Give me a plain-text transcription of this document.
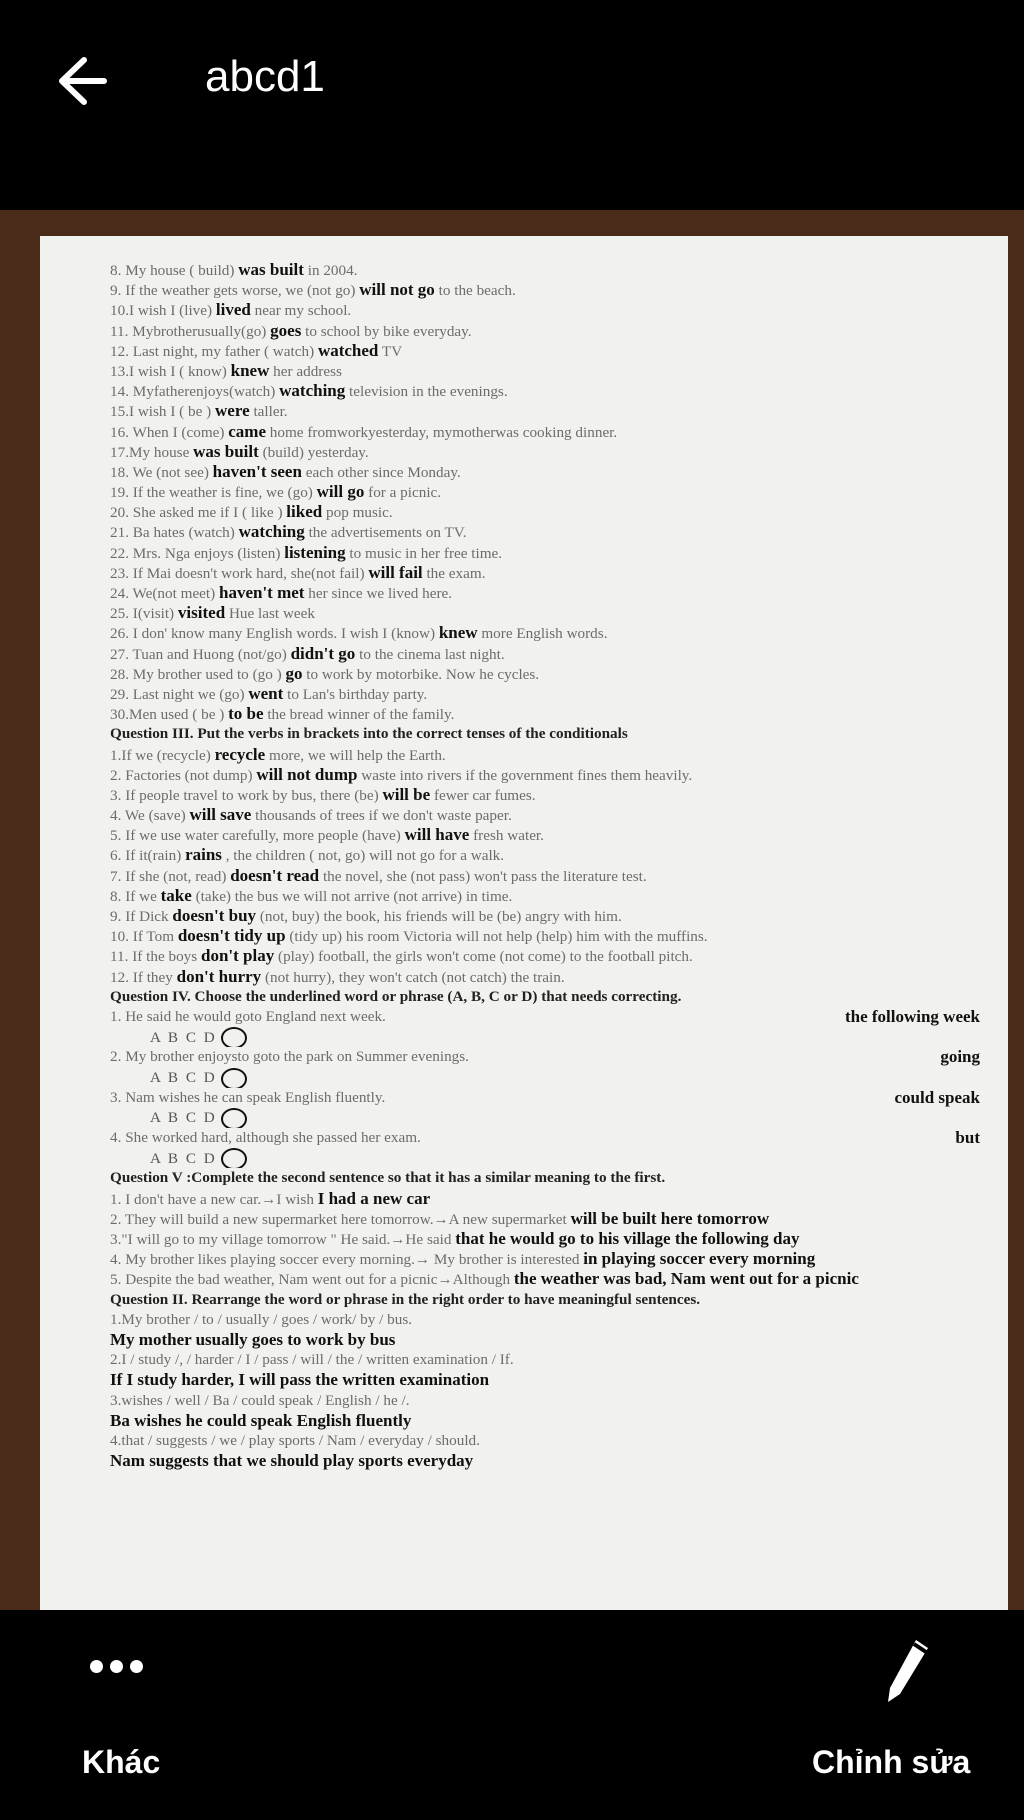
abcd1
8. My house ( build) was built in 2004.
9. If the weather gets worse, we (not go) will not go to the beach.
10.I wish I (live) lived near my school.
11. Mybrotherusually(go) goes to school by bike everyday.
12. Last night, my father ( watch) watched TV
13.I wish I ( know) knew her address
14. Myfatherenjoys(watch) watching television in the evenings.
15.I wish I ( be ) were taller.
16. When I (come) came home fromworkyesterday, mymotherwas cooking dinner.
17.My house was built (build) yesterday.
18. We (not see) haven't seen each other since Monday.
19. If the weather is fine, we (go) will go for a picnic.
20. She asked me if I ( like ) liked pop music.
21. Ba hates (watch) watching the advertisements on TV.
22. Mrs. Nga enjoys (listen) listening to music in her free time.
23. If Mai doesn't work hard, she(not fail) will fail the exam.
24. We(not meet) haven't met her since we lived here.
25. I(visit) visited Hue last week
26. I don' know many English words. I wish I (know) knew more English words.
27. Tuan and Huong (not/go) didn't go to the cinema last night.
28. My brother used to (go ) go to work by motorbike. Now he cycles.
29. Last night we (go) went to Lan's birthday party.
30.Men used ( be ) to be the bread winner of the family.
Question III. Put the verbs in brackets into the correct tenses of the conditionals
1.If we (recycle) recycle more, we will help the Earth.
2. Factories (not dump) will not dump waste into rivers if the government fines them heavily.
3. If people travel to work by bus, there (be) will be fewer car fumes.
4. We (save) will save thousands of trees if we don't waste paper.
5. If we use water carefully, more people (have) will have fresh water.
6. If it(rain) rains , the children ( not, go) will not go for a walk.
7. If she (not, read) doesn't read the novel, she (not pass) won't pass the literature test.
8. If we take (take) the bus we will not arrive (not arrive) in time.
9. If Dick doesn't buy (not, buy) the book, his friends will be (be) angry with him.
10. If Tom doesn't tidy up (tidy up) his room Victoria will not help (help) him with the muffins.
11. If the boys don't play (play) football, the girls won't come (not come) to the football pitch.
12. If they don't hurry (not hurry), they won't catch (not catch) the train.
Question IV. Choose the underlined word or phrase (A, B, C or D) that needs correcting.
1. He said he would goto England next week.	the following week
A B C D
2. My brother enjoysto goto the park on Summer evenings.	going
A B C D
3. Nam wishes he can speak English fluently.	could speak
A B C D
4. She worked hard, although she passed her exam.	but
A B C D
Question V :Complete the second sentence so that it has a similar meaning to the first.
1. I don't have a new car.→I wish I had a new car
2. They will build a new supermarket here tomorrow.→A new supermarket will be built here tomorrow
3."I will go to my village tomorrow " He said.→He said that he would go to his village the following day
4. My brother likes playing soccer every morning.→ My brother is interested in playing soccer every morning
5. Despite the bad weather, Nam went out for a picnic→Although the weather was bad, Nam went out for a picnic
Question II. Rearrange the word or phrase in the right order to have meaningful sentences.
1.My brother / to / usually / goes / work/ by / bus.
My mother usually goes to work by bus
2.I / study /, / harder / I / pass / will / the / written examination / If.
If I study harder, I will pass the written examination
3.wishes / well / Ba / could speak / English / he /.
Ba wishes he could speak English fluently
4.that / suggests / we / play sports / Nam / everyday / should.
Nam suggests that we should play sports everyday
Khác	Chỉnh sửa
